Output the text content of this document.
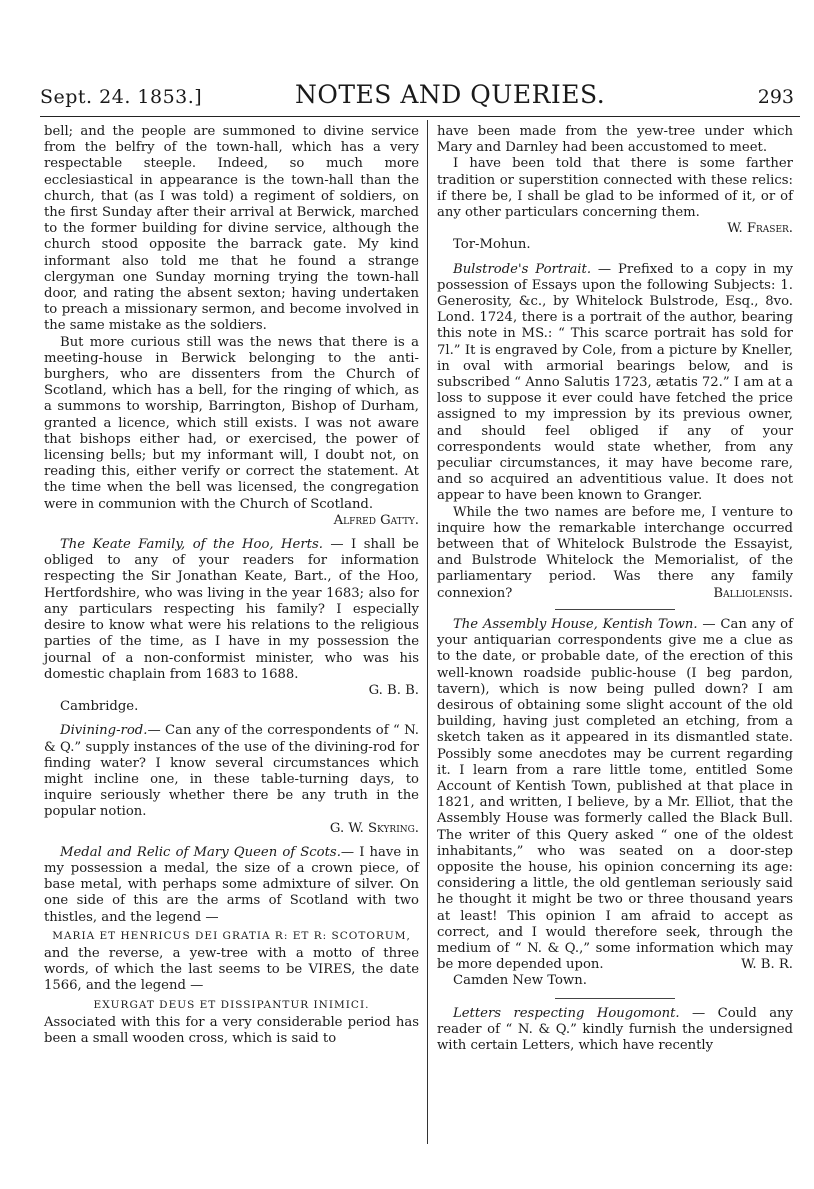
Sept. 24. 1853.]	NOTES AND QUERIES.	293

bell; and the people are summoned to divine service from the belfry of the town-hall, which has a very respectable steeple. Indeed, so much more ecclesiastical in appearance is the town-hall than the church, that (as I was told) a regiment of soldiers, on the first Sunday after their arrival at Berwick, marched to the former building for divine service, although the church stood opposite the barrack gate. My kind informant also told me that he found a strange clergyman one Sunday morning trying the town-hall door, and rating the absent sexton; having undertaken to preach a missionary sermon, and become involved in the same mistake as the soldiers.

But more curious still was the news that there is a meeting-house in Berwick belonging to the anti-burghers, who are dissenters from the Church of Scotland, which has a bell, for the ringing of which, as a summons to worship, Barrington, Bishop of Durham, granted a licence, which still exists. I was not aware that bishops either had, or exercised, the power of licensing bells; but my informant will, I doubt not, on reading this, either verify or correct the statement. At the time when the bell was licensed, the congregation were in communion with the Church of Scotland.

Alfred Gatty.

The Keate Family, of the Hoo, Herts. — I shall be obliged to any of your readers for information respecting the Sir Jonathan Keate, Bart., of the Hoo, Hertfordshire, who was living in the year 1683; also for any particulars respecting his family? I especially desire to know what were his relations to the religious parties of the time, as I have in my possession the journal of a non-conformist minister, who was his domestic chaplain from 1683 to 1688.

G. B. B.

Cambridge.

Divining-rod.— Can any of the correspondents of “ N. & Q.” supply instances of the use of the divining-rod for finding water? I know several circumstances which might incline one, in these table-turning days, to inquire seriously whether there be any truth in the popular notion.

G. W. Skyring.

Medal and Relic of Mary Queen of Scots.— I have in my possession a medal, the size of a crown piece, of base metal, with perhaps some admixture of silver. On one side of this are the arms of Scotland with two thistles, and the legend —

MARIA ET HENRICUS DEI GRATIA R: ET R: SCOTORUM,

and the reverse, a yew-tree with a motto of three words, of which the last seems to be VIRES, the date 1566, and the legend —

EXURGAT DEUS ET DISSIPANTUR INIMICI.

Associated with this for a very considerable period has been a small wooden cross, which is said to

have been made from the yew-tree under which Mary and Darnley had been accustomed to meet.

I have been told that there is some farther tradition or superstition connected with these relics: if there be, I shall be glad to be informed of it, or of any other particulars concerning them.

W. Fraser.

Tor-Mohun.

Bulstrode's Portrait. — Prefixed to a copy in my possession of Essays upon the following Subjects: 1. Generosity, &c., by Whitelock Bulstrode, Esq., 8vo. Lond. 1724, there is a portrait of the author, bearing this note in MS.: “ This scarce portrait has sold for 7l.” It is engraved by Cole, from a picture by Kneller, in oval with armorial bearings below, and is subscribed “ Anno Salutis 1723, ætatis 72.” I am at a loss to suppose it ever could have fetched the price assigned to my impression by its previous owner, and should feel obliged if any of your correspondents would state whether, from any peculiar circumstances, it may have become rare, and so acquired an adventitious value. It does not appear to have been known to Granger.

While the two names are before me, I venture to inquire how the remarkable interchange occurred between that of Whitelock Bulstrode the Essayist, and Bulstrode Whitelock the Memorialist, of the parliamentary period. Was there any family connexion?	Balliolensis.

The Assembly House, Kentish Town. — Can any of your antiquarian correspondents give me a clue as to the date, or probable date, of the erection of this well-known roadside public-house (I beg pardon, tavern), which is now being pulled down? I am desirous of obtaining some slight account of the old building, having just completed an etching, from a sketch taken as it appeared in its dismantled state. Possibly some anecdotes may be current regarding it. I learn from a rare little tome, entitled Some Account of Kentish Town, published at that place in 1821, and written, I believe, by a Mr. Elliot, that the Assembly House was formerly called the Black Bull. The writer of this Query asked “ one of the oldest inhabitants,” who was seated on a door-step opposite the house, his opinion concerning its age: considering a little, the old gentleman seriously said he thought it might be two or three thousand years at least! This opinion I am afraid to accept as correct, and I would therefore seek, through the medium of “ N. & Q.,” some information which may be more depended upon.	W. B. R.

Camden New Town.

Letters respecting Hougomont. — Could any reader of “ N. & Q.” kindly furnish the undersigned with certain Letters, which have recently
